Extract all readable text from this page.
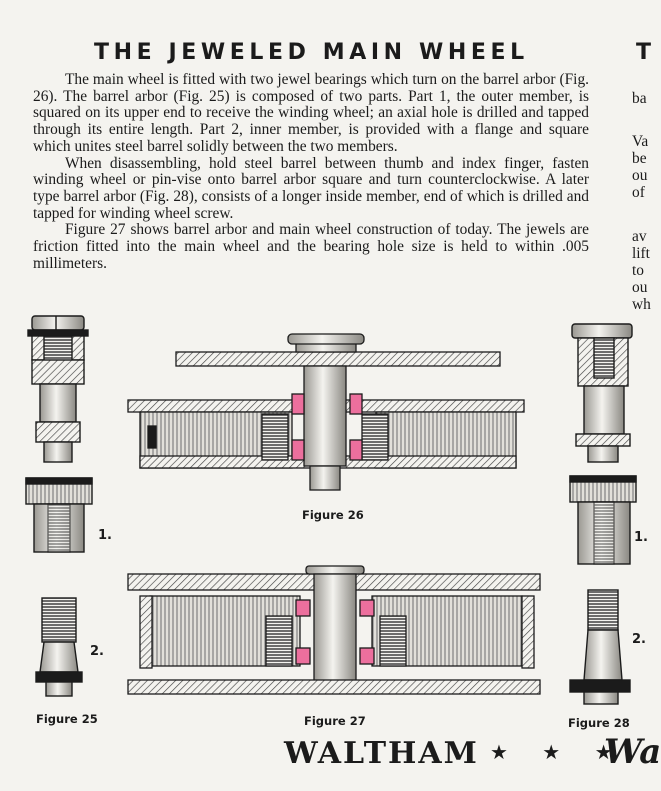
THE JEWELED MAIN WHEEL	T

The main wheel is fitted with two jewel bearings which turn on the barrel arbor (Fig. 26). The barrel arbor (Fig. 25) is composed of two parts. Part 1, the outer member, is squared on its upper end to receive the winding wheel; an axial hole is drilled and tapped through its entire length. Part 2, inner member, is provided with a flange and square which unites steel barrel solidly between the two members.

When disassembling, hold steel barrel between thumb and index finger, fasten winding wheel or pin-vise onto barrel arbor square and turn counterclockwise. A later type barrel arbor (Fig. 28), consists of a longer inside member, end of which is drilled and tapped for winding wheel screw.

Figure 27 shows barrel arbor and main wheel construction of today. The jewels are friction fitted into the main wheel and the bearing hole size is held to within .005 millimeters.

ba
Va
be
ou
of
av
lift
to
ou
wh
Figure 25
Figure 26
Figure 27	Figure 28
1.
2.
1.
2.
WALTHAM ★ ★ ★
Wa
